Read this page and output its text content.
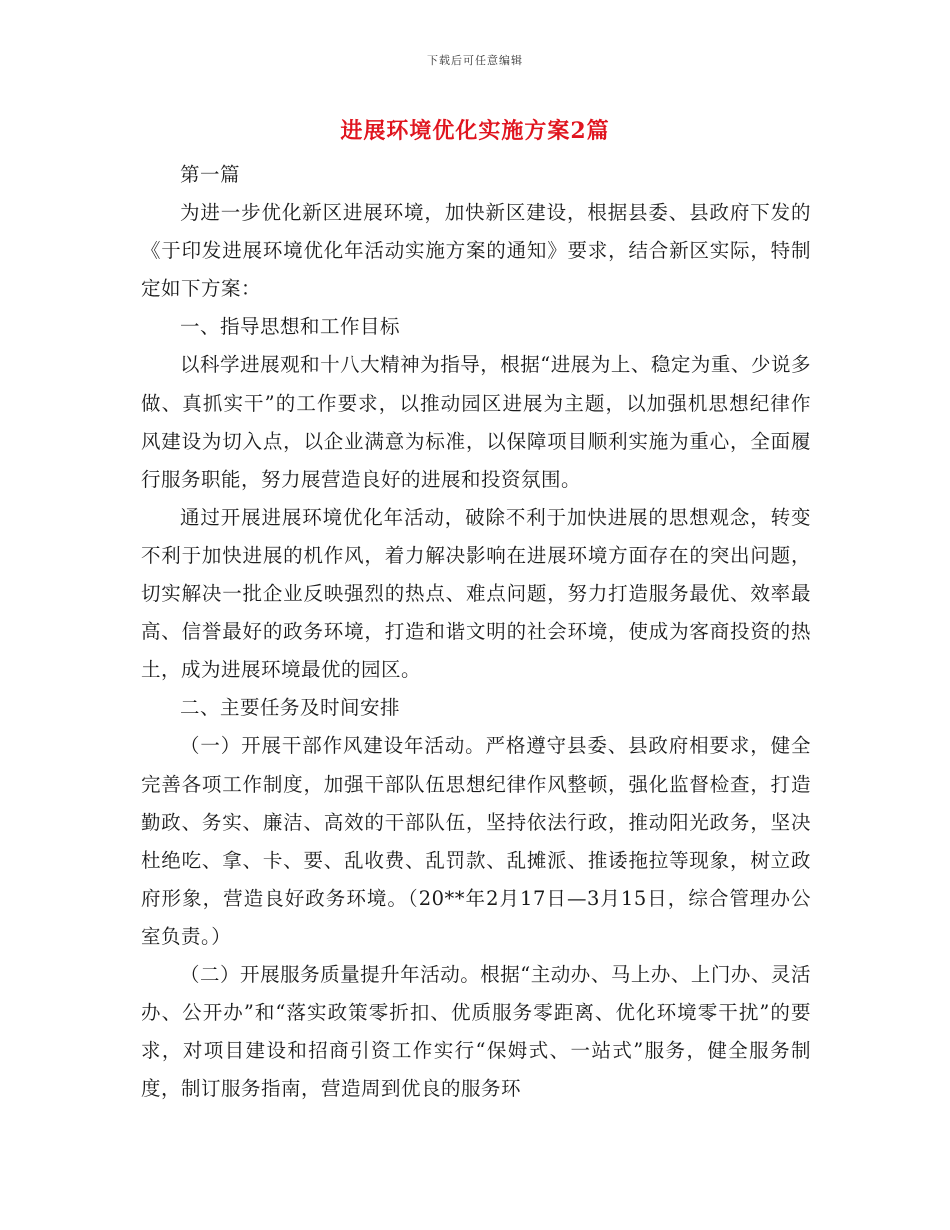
下载后可任意编辑
进展环境优化实施方案2篇

第一篇

为进一步优化新区进展环境，加快新区建设，根据县委、县政府下发的《于印发进展环境优化年活动实施方案的通知》要求，结合新区实际，特制定如下方案：

一、指导思想和工作目标

以科学进展观和十八大精神为指导，根据“进展为上、稳定为重、少说多做、真抓实干”的工作要求，以推动园区进展为主题，以加强机思想纪律作风建设为切入点，以企业满意为标准，以保障项目顺利实施为重心，全面履行服务职能，努力展营造良好的进展和投资氛围。

通过开展进展环境优化年活动，破除不利于加快进展的思想观念，转变不利于加快进展的机作风，着力解决影响在进展环境方面存在的突出问题，切实解决一批企业反映强烈的热点、难点问题，努力打造服务最优、效率最高、信誉最好的政务环境，打造和谐文明的社会环境，使成为客商投资的热土，成为进展环境最优的园区。

二、主要任务及时间安排

（一）开展干部作风建设年活动。严格遵守县委、县政府相要求，健全完善各项工作制度，加强干部队伍思想纪律作风整顿，强化监督检查，打造勤政、务实、廉洁、高效的干部队伍，坚持依法行政，推动阳光政务，坚决杜绝吃、拿、卡、要、乱收费、乱罚款、乱摊派、推诿拖拉等现象，树立政府形象，营造良好政务环境。（20**年2月17日—3月15日，综合管理办公室负责。）

（二）开展服务质量提升年活动。根据“主动办、马上办、上门办、灵活办、公开办”和“落实政策零折扣、优质服务零距离、优化环境零干扰”的要求，对项目建设和招商引资工作实行“保姆式、一站式”服务，健全服务制度，制订服务指南，营造周到优良的服务环
